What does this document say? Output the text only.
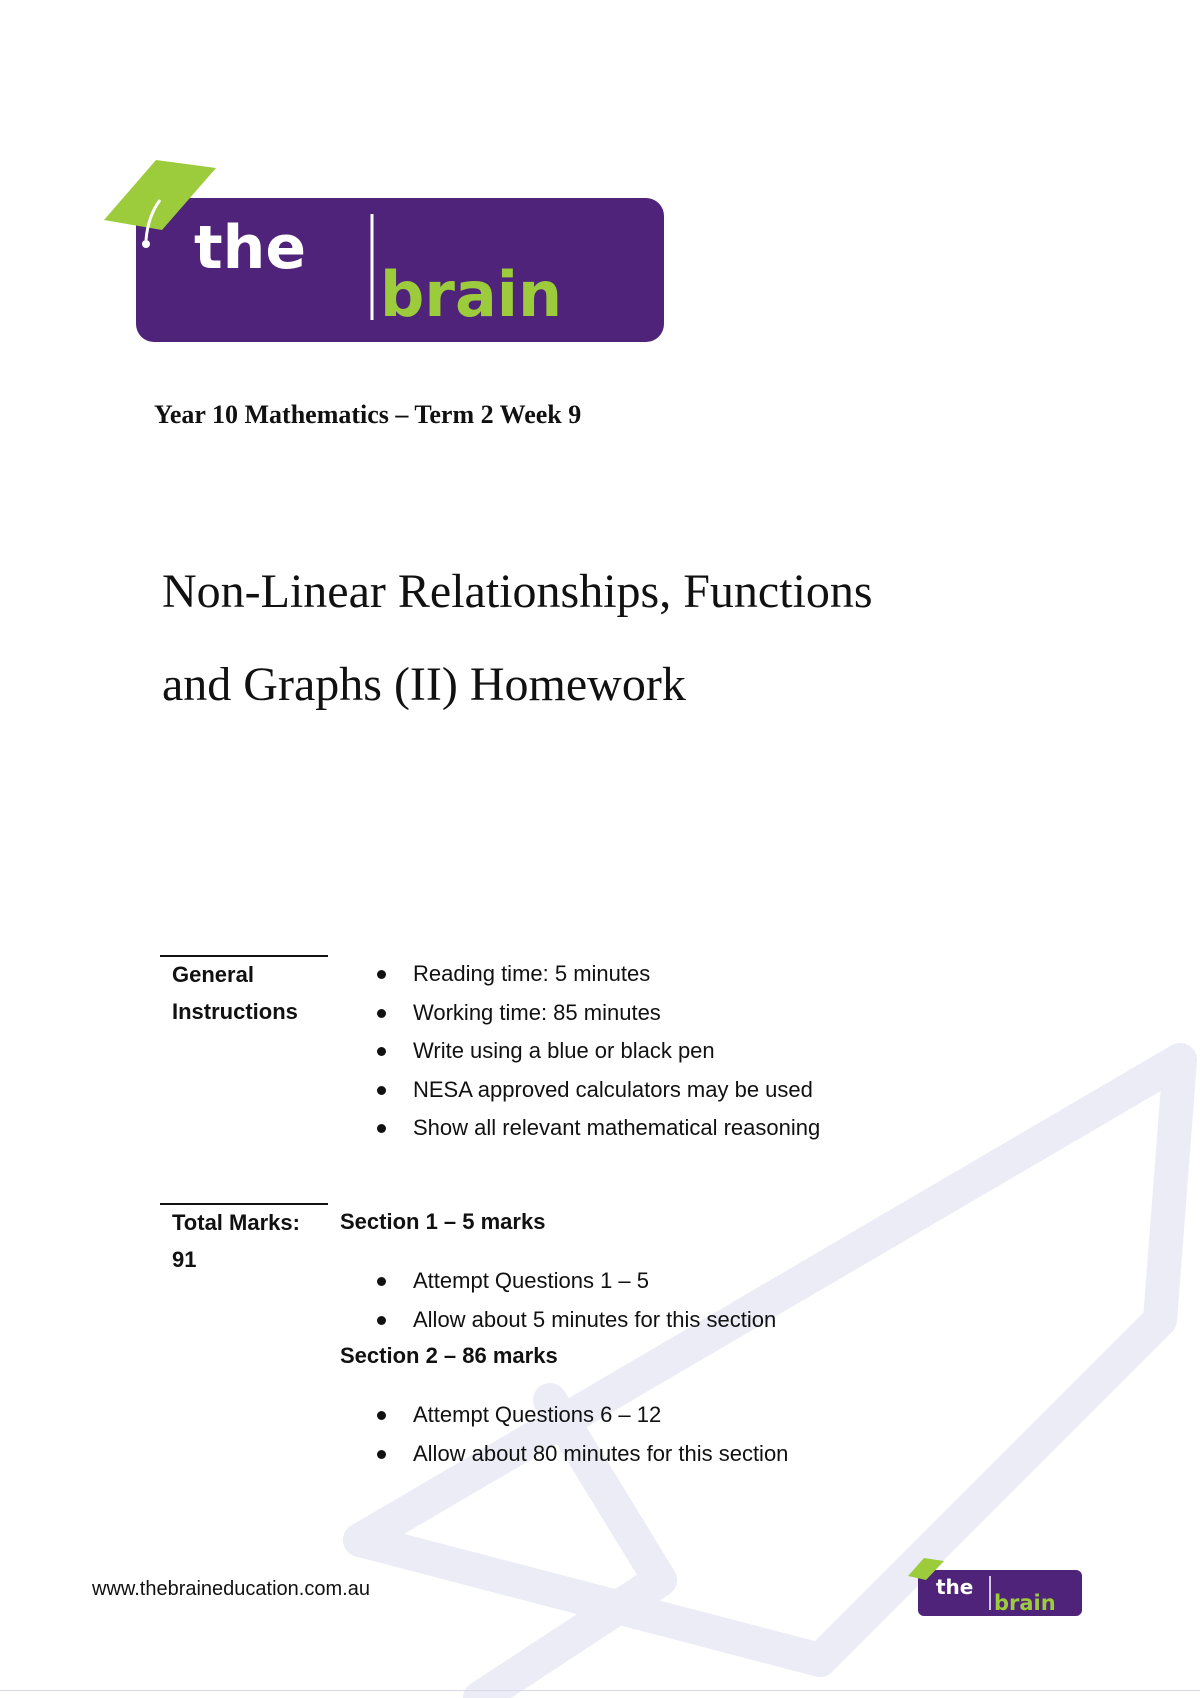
the
brain
Year 10 Mathematics – Term 2 Week 9
Non-Linear Relationships, Functions
and Graphs (II) Homework
General
Instructions
Reading time: 5 minutes
Working time: 85 minutes
Write using a blue or black pen
NESA approved calculators may be used
Show all relevant mathematical reasoning
Total Marks:
91
Section 1 – 5 marks
Attempt Questions 1 – 5
Allow about 5 minutes for this section
Section 2 – 86 marks
Attempt Questions 6 – 12
Allow about 80 minutes for this section
www.thebraineducation.com.au	the
brain
